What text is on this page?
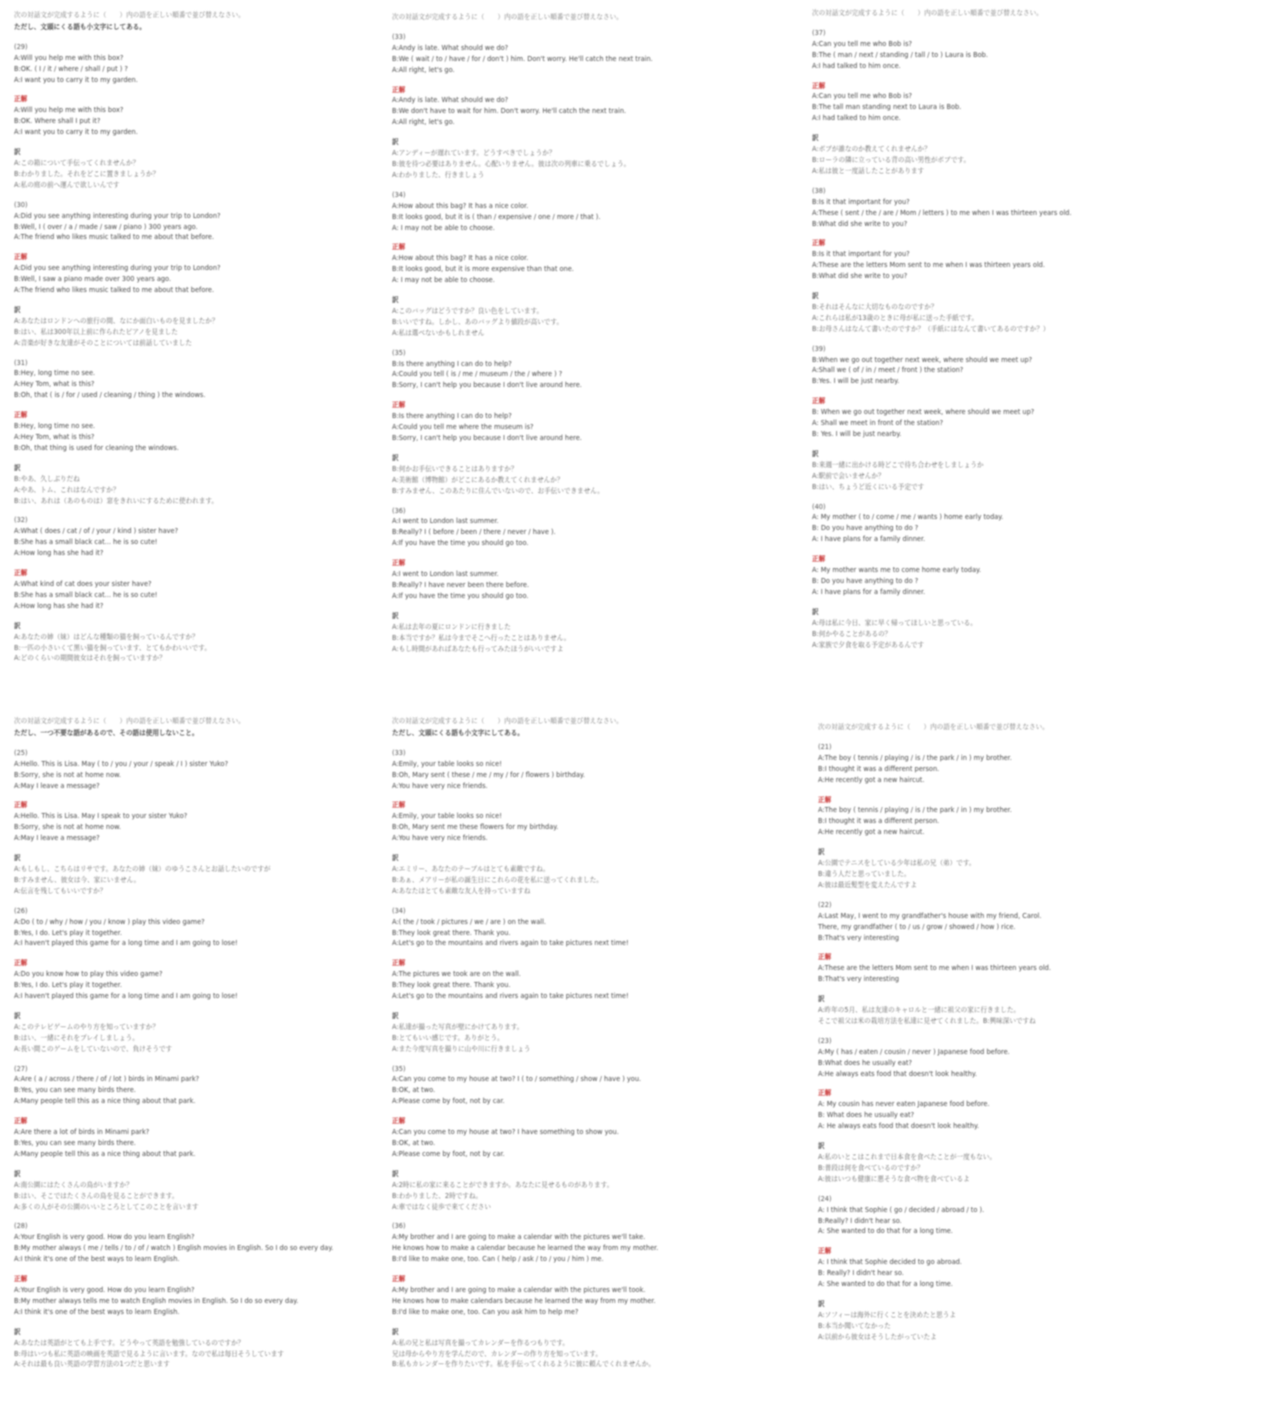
次の対話文が完成するように（　　）内の語を正しい順番で並び替えなさい。
ただし、文頭にくる語も小文字にしてある。
(29)
A:Will you help me with this box?
B:OK. ( I / it / where / shall / put ) ?
A:I want you to carry it to my garden.
正解
A:Will you help me with this box?
B:OK. Where shall I put it?
A:I want you to carry it to my garden.
訳
A:この箱について手伝ってくれませんか？
B:わかりました。それをどこに置きましょうか？
A:私の庭の前へ運んで欲しいんです
(30)
A:Did you see anything interesting during your trip to London?
B:Well, I ( over / a / made / saw / piano ) 300 years ago.
A:The friend who likes music talked to me about that before.
正解
A:Did you see anything interesting during your trip to London?
B:Well, I saw a piano made over 300 years ago.
A:The friend who likes music talked to me about that before.
訳
A:あなたはロンドンへの旅行の間、なにか面白いものを見ましたか？
B:はい、私は300年以上前に作られたピアノを見ました
A:音楽が好きな友達がそのことについては前話していました
(31)
B:Hey, long time no see.
A:Hey Tom, what is this?
B:Oh, that ( is / for / used / cleaning / thing ) the windows.
正解
B:Hey, long time no see.
A:Hey Tom, what is this?
B:Oh, that thing is used for cleaning the windows.
訳
B:やあ、久しぶりだね
A:やあ、トム、これはなんですか？
B:はい、あれは（あのものは）窓をきれいにするために使われます。
(32)
A:What ( does / cat / of / your / kind ) sister have?
B:She has a small black cat... he is so cute!
A:How long has she had it?
正解
A:What kind of cat does your sister have?
B:She has a small black cat... he is so cute!
A:How long has she had it?
訳
A:あなたの姉（妹）はどんな種類の猫を飼っているんですか？
B:一匹の小さいくて黒い猫を飼っています、とてもかわいいです。
A:どのくらいの期間彼女はそれを飼っていますか？
次の対話文が完成するように（　　）内の語を正しい順番で並び替えなさい。
(33)
A:Andy is late. What should we do?
B:We ( wait / to / have / for / don't ) him. Don't worry. He'll catch the next train.
A:All right, let's go.
正解
A:Andy is late. What should we do?
B:We don't have to wait for him. Don't worry. He'll catch the next train.
A:All right, let's go.
訳
A:アンディーが遅れています。どうすべきでしょうか？
B:彼を待つ必要はありません。心配いりません。彼は次の列車に乗るでしょう。
A:わかりました、行きましょう
(34)
A:How about this bag? It has a nice color.
B:It looks good, but it is ( than / expensive / one / more / that ).
A: I may not be able to choose.
正解
A:How about this bag? It has a nice color.
B:It looks good, but it is more expensive than that one.
A: I may not be able to choose.
訳
A:このバッグはどうですか？良い色をしています。
B:いいですね。しかし、あのバッグより値段が高いです。
A:私は選べないかもしれません
(35)
B:Is there anything I can do to help?
A:Could you tell ( is / me / museum / the / where ) ?
B:Sorry, I can't help you because I don't live around here.
正解
B:Is there anything I can do to help?
A:Could you tell me where the museum is?
B:Sorry, I can't help you because I don't live around here.
訳
B:何かお手伝いできることはありますか？
A:美術館（博物館）がどこにあるか教えてくれませんか？
B:すみません、このあたりに住んでいないので、お手伝いできません。
(36)
A:I went to London last summer.
B:Really? I ( before / been / there / never / have ).
A:If you have the time you should go too.
正解
A:I went to London last summer.
B:Really? I have never been there before.
A:If you have the time you should go too.
訳
A:私は去年の夏にロンドンに行きました
B:本当ですか？私は今までそこへ行ったことはありません。
A:もし時間があればあなたも行ってみたほうがいいですよ
次の対話文が完成するように（　　）内の語を正しい順番で並び替えなさい。
(37)
A:Can you tell me who Bob is?
B:The ( man / next / standing / tall / to ) Laura is Bob.
A:I had talked to him once.
正解
A:Can you tell me who Bob is?
B:The tall man standing next to Laura is Bob.
A:I had talked to him once.
訳
A:ボブが誰なのか教えてくれませんか？
B:ローラの隣に立っている背の高い男性がボブです。
A:私は彼と一度話したことがあります
(38)
B:Is it that important for you?
A:These ( sent / the / are / Mom / letters ) to me when I was thirteen years old.
B:What did she write to you?
正解
B:Is it that important for you?
A:These are the letters Mom sent to me when I was thirteen years old.
B:What did she write to you?
訳
B:それはそんなに大切なものなのですか？
A:これらは私が13歳のときに母が私に送った手紙です。
B:お母さんはなんて書いたのですか？（手紙にはなんて書いてあるのですか？）
(39)
B:When we go out together next week, where should we meet up?
A:Shall we ( of / in / meet / front ) the station?
B:Yes. I will be just nearby.
正解
B: When we go out together next week, where should we meet up?
A: Shall we meet in front of the station?
B: Yes. I will be just nearby.
訳
B:来週一緒に出かける時どこで待ち合わせをしましょうか
A:駅前で会いませんか？
B:はい、ちょうど近くにいる予定です
(40)
A: My mother ( to / come / me / wants ) home early today.
B: Do you have anything to do ?
A: I have plans for a family dinner.
正解
A: My mother wants me to come home early today.
B: Do you have anything to do ?
A: I have plans for a family dinner.
訳
A:母は私に今日、家に早く帰ってほしいと思っている。
B:何かやることがあるの？
A:家族で夕食を取る予定があるんです
次の対話文が完成するように（　　）内の語を正しい順番で並び替えなさい。
ただし、一つ不要な語があるので、その語は使用しないこと。
(25)
A:Hello. This is Lisa. May ( to / you / your / speak / I ) sister Yuko?
B:Sorry, she is not at home now.
A:May I leave a message?
正解
A:Hello. This is Lisa. May I speak to your sister Yuko?
B:Sorry, she is not at home now.
A:May I leave a message?
訳
A:もしもし、こちらはリサです。あなたの姉（妹）のゆうこさんとお話したいのですが
B:すみません、彼女は今、家にいません。
A:伝言を残してもいいですか？
(26)
A:Do ( to / why / how / you / know ) play this video game?
B:Yes, I do. Let's play it together.
A:I haven't played this game for a long time and I am going to lose!
正解
A:Do you know how to play this video game?
B:Yes, I do. Let's play it together.
A:I haven't played this game for a long time and I am going to lose!
訳
A:このテレビゲームのやり方を知っていますか？
B:はい、一緒にそれをプレイしましょう。
A:長い間このゲームをしていないので、負けそうです
(27)
A:Are ( a / across / there / of / lot ) birds in Minami park?
B:Yes, you can see many birds there.
A:Many people tell this as a nice thing about that park.
正解
A:Are there a lot of birds in Minami park?
B:Yes, you can see many birds there.
A:Many people tell this as a nice thing about that park.
訳
A:南公園にはたくさんの鳥がいますか？
B:はい、そこではたくさんの鳥を見ることができます。
A:多くの人がその公園のいいところとしてこのことを言います
(28)
A:Your English is very good. How do you learn English?
B:My mother always ( me / tells / to / of / watch ) English movies in English. So I do so every day.
A:I think it's one of the best ways to learn English.
正解
A:Your English is very good. How do you learn English?
B:My mother always tells me to watch English movies in English. So I do so every day.
A:I think it's one of the best ways to learn English.
訳
A:あなたは英語がとても上手です。どうやって英語を勉強しているのですか？
B:母はいつも私に英語の映画を英語で見るように言います。なので私は毎日そうしています
A:それは最も良い英語の学習方法の1つだと思います
次の対話文が完成するように（　　）内の語を正しい順番で並び替えなさい。
ただし、文頭にくる語も小文字にしてある。
(33)
A:Emily, your table looks so nice!
B:Oh, Mary sent ( these / me / my / for / flowers ) birthday.
A:You have very nice friends.
正解
A:Emily, your table looks so nice!
B:Oh, Mary sent me these flowers for my birthday.
A:You have very nice friends.
訳
A:エミリー、あなたのテーブルはとても素敵ですね。
B:あぁ、メアリーが私の誕生日にこれらの花を私に送ってくれました。
A:あなたはとても素敵な友人を持っていますね
(34)
A:( the / took / pictures / we / are ) on the wall.
B:They look great there. Thank you.
A:Let's go to the mountains and rivers again to take pictures next time!
正解
A:The pictures we took are on the wall.
B:They look great there. Thank you.
A:Let's go to the mountains and rivers again to take pictures next time!
訳
A:私達が撮った写真が壁にかけてあります。
B:とてもいい感じです。ありがとう。
A:また今度写真を撮りに山や川に行きましょう
(35)
A:Can you come to my house at two? I ( to / something / show / have ) you.
B:OK, at two.
A:Please come by foot, not by car.
正解
A:Can you come to my house at two? I have something to show you.
B:OK, at two.
A:Please come by foot, not by car.
訳
A:2時に私の家に来ることができますか。あなたに見せるものがあります。
B:わかりました、2時ですね。
A:車ではなく徒歩で来てください
(36)
A:My brother and I are going to make a calendar with the pictures we'll take.
He knows how to make a calendar because he learned the way from my mother.
B:I'd like to make one, too. Can ( help / ask / to / you / him ) me.
正解
A:My brother and I are going to make a calendar with the pictures we'll took.
He knows how to make calendars because he learned the way from my mother.
B:I'd like to make one, too. Can you ask him to help me?
訳
A:私の兄と私は写真を撮ってカレンダーを作るつもりです。
兄は母からやり方を学んだので、カレンダーの作り方を知っています。
B:私もカレンダーを作りたいです。私を手伝ってくれるように彼に頼んでくれませんか。
次の対話文が完成するように（　　）内の語を正しい順番で並び替えなさい。
(21)
A:The boy ( tennis / playing / is / the park / in ) my brother.
B:I thought it was a different person.
A:He recently got a new haircut.
正解
A:The boy ( tennis / playing / is / the park / in ) my brother.
B:I thought it was a different person.
A:He recently got a new haircut.
訳
A:公園でテニスをしている少年は私の兄（弟）です。
B:違う人だと思っていました。
A:彼は最近髪型を変えたんですよ
(22)
A:Last May, I went to my grandfather's house with my friend, Carol.
There, my grandfather ( to / us / grow / showed / how ) rice.
B:That's very interesting
正解
A:These are the letters Mom sent to me when I was thirteen years old.
B:That's very interesting
訳
A:昨年の5月、私は友達のキャロルと一緒に祖父の家に行きました。
そこで祖父は米の栽培方法を私達に見せてくれました。B:興味深いですね
(23)
A:My ( has / eaten / cousin / never ) Japanese food before.
B:What does he usually eat?
A:He always eats food that doesn't look healthy.
正解
A: My cousin has never eaten Japanese food before.
B: What does he usually eat?
A: He always eats food that doesn't look healthy.
訳
A:私のいとこはこれまで日本食を食べたことが一度もない。
B:普段は何を食べているのですか？
A:彼はいつも健康に悪そうな食べ物を食べているよ
(24)
A: I think that Sophie ( go / decided / abroad / to ).
B:Really? I didn't hear so.
A: She wanted to do that for a long time.
正解
A: I think that Sophie decided to go abroad.
B: Really? I didn't hear so.
A: She wanted to do that for a long time.
訳
A:ソフィーは海外に行くことを決めたと思うよ
B:本当か聞いてなかった
A:以前から彼女はそうしたがっていたよ
